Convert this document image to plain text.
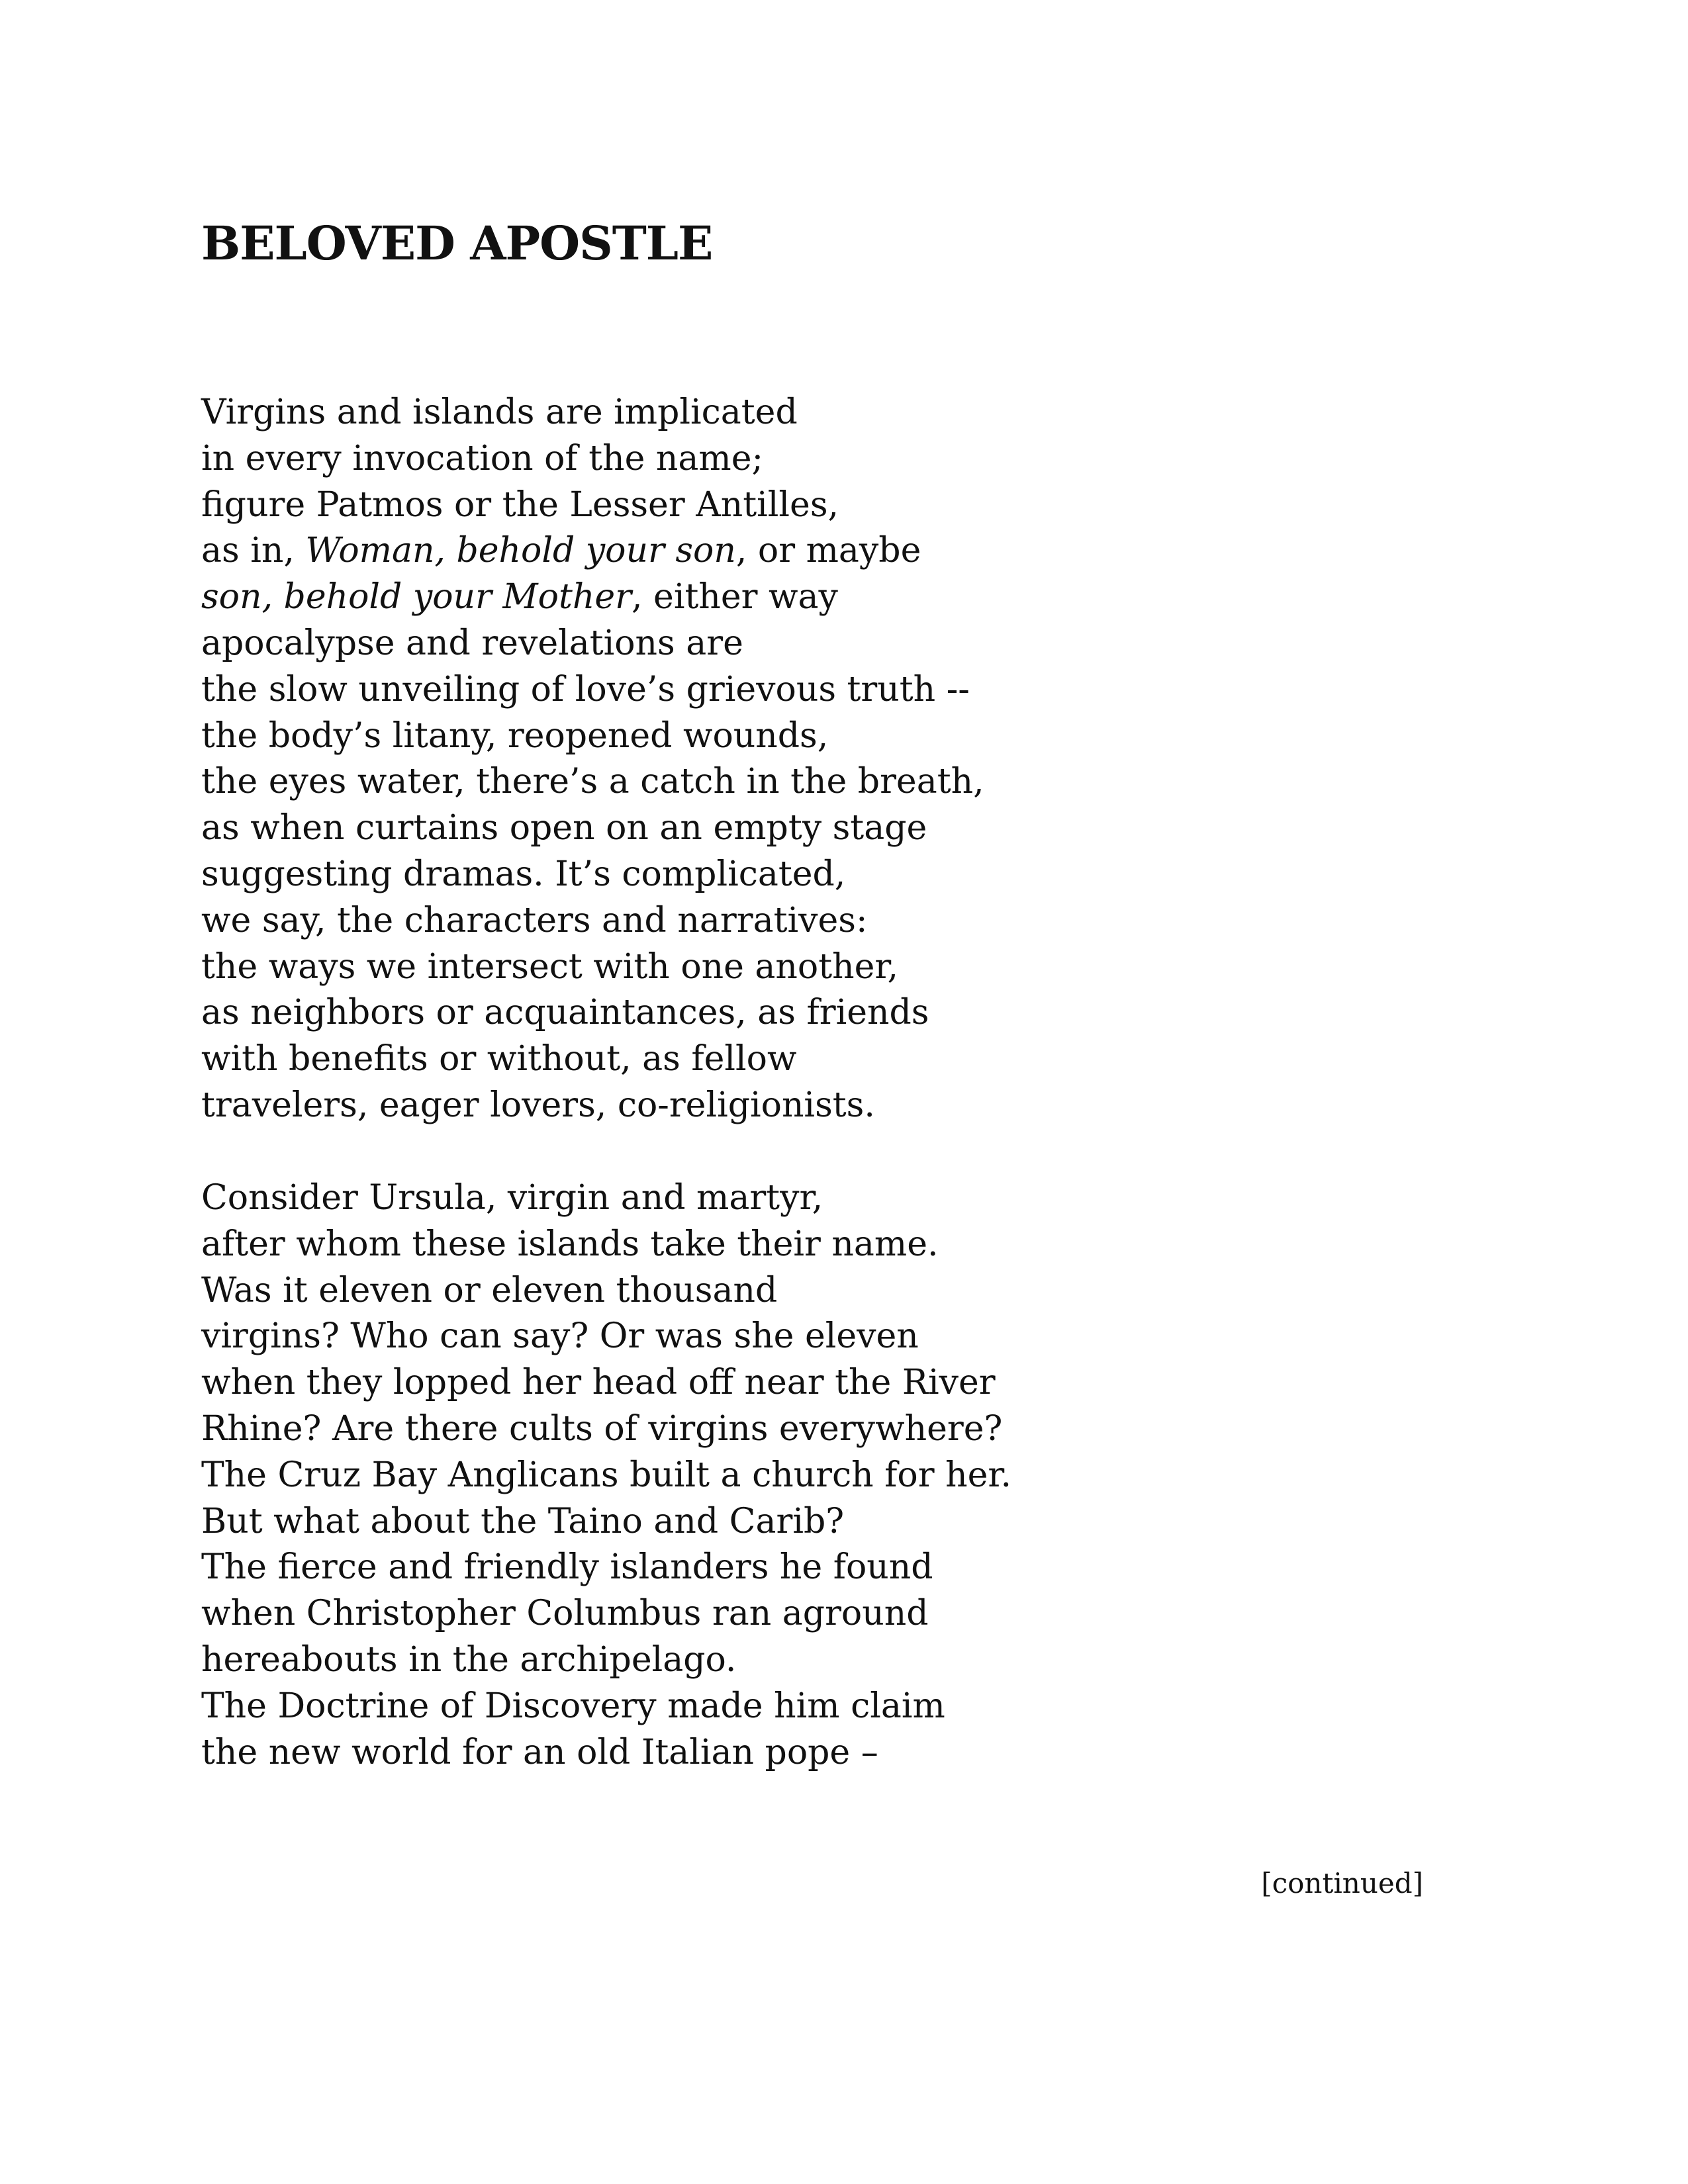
BELOVED APOSTLE
Virgins and islands are implicated
in every invocation of the name;
figure Patmos or the Lesser Antilles,
as in, Woman, behold your son, or maybe
son, behold your Mother, either way
apocalypse and revelations are
the slow unveiling of love’s grievous truth --
the body’s litany, reopened wounds,
the eyes water, there’s a catch in the breath,
as when curtains open on an empty stage
suggesting dramas. It’s complicated,
we say, the characters and narratives:
the ways we intersect with one another,
as neighbors or acquaintances, as friends
with benefits or without, as fellow
travelers, eager lovers, co-religionists.
Consider Ursula, virgin and martyr,
after whom these islands take their name.
Was it eleven or eleven thousand
virgins? Who can say? Or was she eleven
when they lopped her head off near the River
Rhine? Are there cults of virgins everywhere?
The Cruz Bay Anglicans built a church for her.
But what about the Taino and Carib?
The fierce and friendly islanders he found
when Christopher Columbus ran aground
hereabouts in the archipelago.
The Doctrine of Discovery made him claim
the new world for an old Italian pope –
[continued]
